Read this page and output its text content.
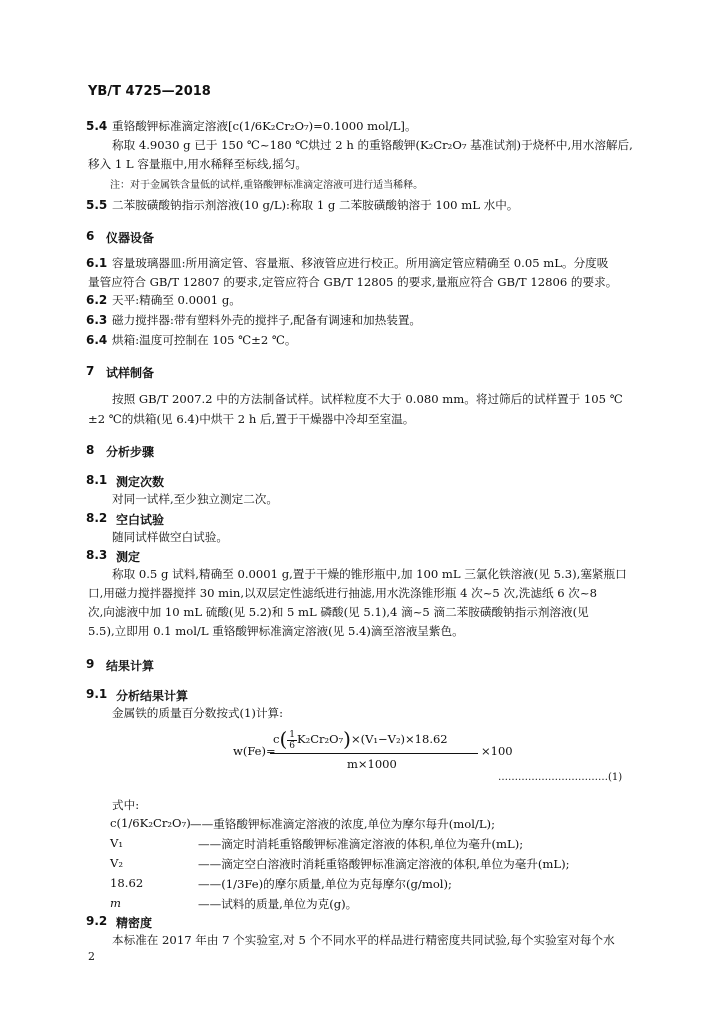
YB/T 4725—2018
5.4 重铬酸钾标准滴定溶液[c(1/6K₂Cr₂O₇)=0.1000 mol/L]。
称取 4.9030 g 已于 150 ℃~180 ℃烘过 2 h 的重铬酸钾(K₂Cr₂O₇ 基准试剂)于烧杯中,用水溶解后,
移入 1 L 容量瓶中,用水稀释至标线,摇匀。
注：对于金属铁含量低的试样,重铬酸钾标准滴定溶液可进行适当稀释。
5.5 二苯胺磺酸钠指示剂溶液(10 g/L):称取 1 g 二苯胺磺酸钠溶于 100 mL 水中。
6 仪器设备
6.1 容量玻璃器皿:所用滴定管、容量瓶、移液管应进行校正。所用滴定管应精确至 0.05 mL。分度吸
量管应符合 GB/T 12807 的要求,定管应符合 GB/T 12805 的要求,量瓶应符合 GB/T 12806 的要求。
6.2 天平:精确至 0.0001 g。
6.3 磁力搅拌器:带有塑料外壳的搅拌子,配备有调速和加热装置。
6.4 烘箱:温度可控制在 105 ℃±2 ℃。
7 试样制备
按照 GB/T 2007.2 中的方法制备试样。试样粒度不大于 0.080 mm。将过筛后的试样置于 105 ℃
±2 ℃的烘箱(见 6.4)中烘干 2 h 后,置于干燥器中冷却至室温。
8 分析步骤
8.1 测定次数
对同一试样,至少独立测定二次。
8.2 空白试验
随同试样做空白试验。
8.3 测定
称取 0.5 g 试料,精确至 0.0001 g,置于干燥的锥形瓶中,加 100 mL 三氯化铁溶液(见 5.3),塞紧瓶口
口,用磁力搅拌器搅拌 30 min,以双层定性滤纸进行抽滤,用水洗涤锥形瓶 4 次~5 次,洗滤纸 6 次~8
次,向滤液中加 10 mL 硫酸(见 5.2)和 5 mL 磷酸(见 5.1),4 滴~5 滴二苯胺磺酸钠指示剂溶液(见
5.5),立即用 0.1 mol/L 重铬酸钾标准滴定溶液(见 5.4)滴至溶液呈紫色。
9 结果计算
9.1 分析结果计算
金属铁的质量百分数按式(1)计算:
w(Fe)=
$c( \frac{1}{6} K_2Cr_2O_7)\times(V_1-V_2)\times 18.62$
m×1000
×100
……………………………(1)
式中:
c(1/6K₂Cr₂O₇) ——重铬酸钾标准滴定溶液的浓度,单位为摩尔每升(mol/L);
V₁	——滴定时消耗重铬酸钾标准滴定溶液的体积,单位为毫升(mL);
V₂	——滴定空白溶液时消耗重铬酸钾标准滴定溶液的体积,单位为毫升(mL);
18.62	——(1/3Fe)的摩尔质量,单位为克每摩尔(g/mol);
m	——试料的质量,单位为克(g)。
9.2 精密度
本标准在 2017 年由 7 个实验室,对 5 个不同水平的样品进行精密度共同试验,每个实验室对每个水
2
